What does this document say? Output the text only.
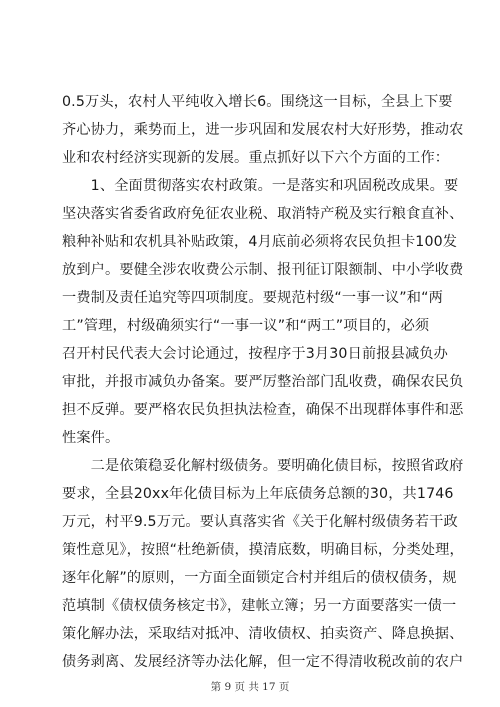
0.5万头，农村人平纯收入增长6。围绕这一目标，全县上下要
齐心协力，乘势而上，进一步巩固和发展农村大好形势，推动农
业和农村经济实现新的发展。重点抓好以下六个方面的工作：
　　1、全面贯彻落实农村政策。一是落实和巩固税改成果。要
坚决落实省委省政府免征农业税、取消特产税及实行粮食直补、
粮种补贴和农机具补贴政策，4月底前必须将农民负担卡100发
放到户。要健全涉农收费公示制、报刊征订限额制、中小学收费
一费制及责任追究等四项制度。要规范村级“一事一议”和“两
工”管理，村级确须实行“一事一议”和“两工”项目的，必须
召开村民代表大会讨论通过，按程序于3月30日前报县减负办
审批，并报市减负办备案。要严厉整治部门乱收费，确保农民负
担不反弹。要严格农民负担执法检查，确保不出现群体事件和恶
性案件。
　　二是依策稳妥化解村级债务。要明确化债目标，按照省政府
要求，全县20xx年化债目标为上年底债务总额的30，共1746
万元，村平9.5万元。要认真落实省《关于化解村级债务若干政
策性意见》，按照“杜绝新债，摸清底数，明确目标，分类处理，
逐年化解”的原则，一方面全面锁定合村并组后的债权债务，规
范填制《债权债务核定书》，建帐立簿；另一方面要落实一债一
策化解办法，采取结对抵冲、清收债权、拍卖资产、降息换据、
债务剥离、发展经济等办法化解，但一定不得清收税改前的农户
第 9 页 共 17 页
